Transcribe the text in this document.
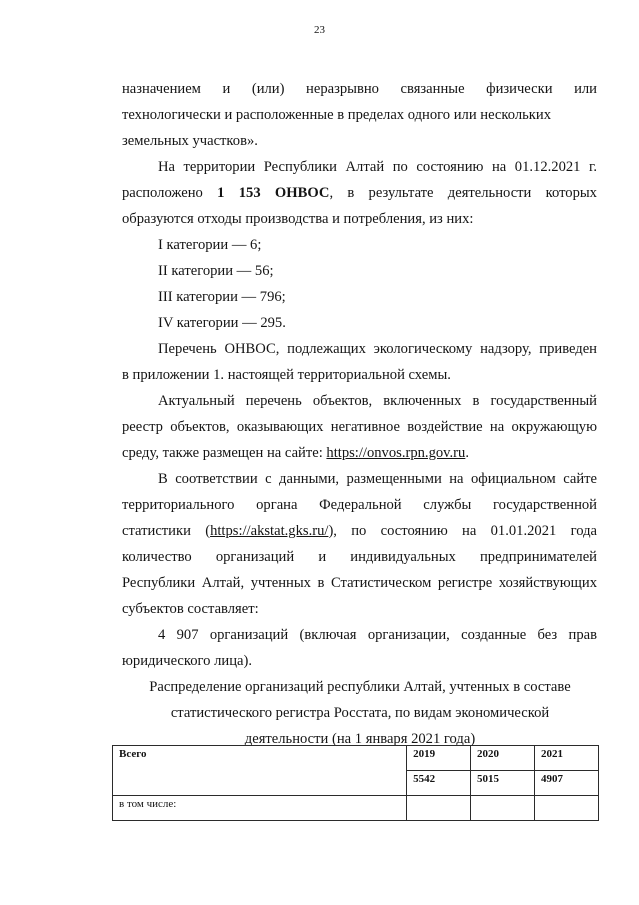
23
назначением и (или) неразрывно связанные физически или
технологически и расположенные в пределах одного или нескольких
земельных участков».
На территории Республики Алтай по состоянию на 01.12.2021 г.
расположено 1 153 ОНВОС, в результате деятельности которых
образуются отходы производства и потребления, из них:
I категории — 6;
II категории — 56;
III категории — 796;
IV категории — 295.
Перечень ОНВОС, подлежащих экологическому надзору, приведен
в приложении 1. настоящей территориальной схемы.
Актуальный перечень объектов, включенных в государственный
реестр объектов, оказывающих негативное воздействие на окружающую
среду, также размещен на сайте: https://onvos.rpn.gov.ru.
В соответствии с данными, размещенными на официальном сайте
территориального органа Федеральной службы государственной
статистики (https://akstat.gks.ru/), по состоянию на 01.01.2021 года
количество организаций и индивидуальных предпринимателей
Республики Алтай, учтенных в Статистическом регистре хозяйствующих
субъектов составляет:
4 907 организаций (включая организации, созданные без прав
юридического лица).
Распределение организаций республики Алтай, учтенных в составе
статистического регистра Росстата, по видам экономической
деятельности (на 1 января 2021 года)
Всего	2019	2020	2021
	5542	5015	4907
в том числе:			
